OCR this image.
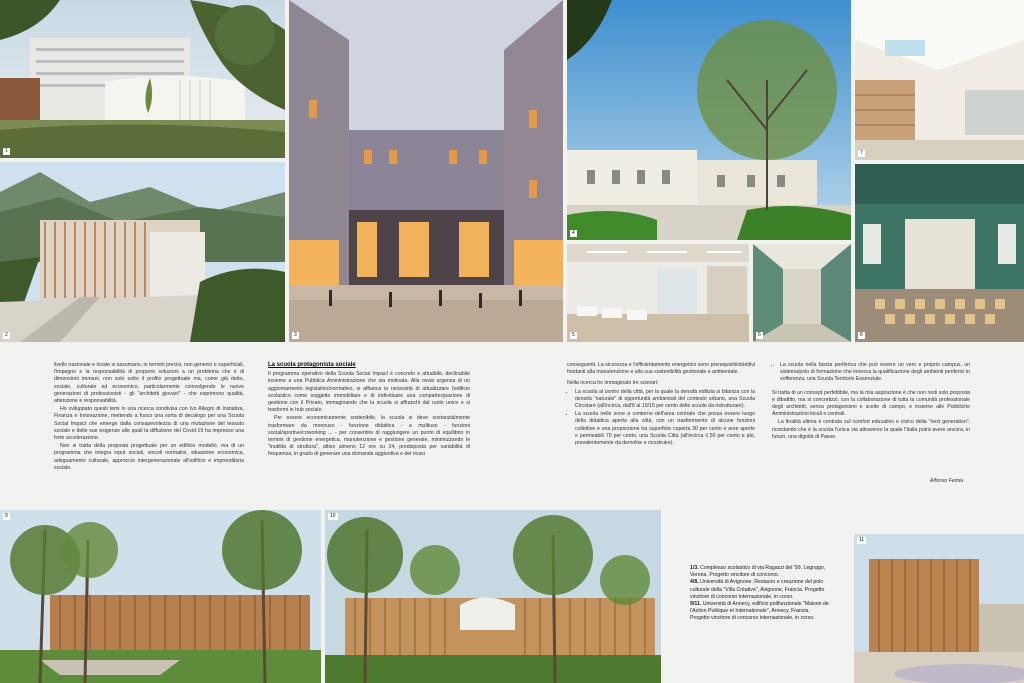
1
2	3
4
5	6
7
8

livello nazionale e locale si assumano, in termini precisi, non generici e superficiali, l'impegno e la responsabilità di proporre soluzioni a un problema che è di dimensioni immani, non solo sotto il profilo progettuale ma, come già detto, sociale, culturale ed economico, particolarmente coinvolgendo le nuove generazioni di professionisti - gli "architetti giovani" - che esprimono qualità, attenzione e responsabilità.

Ho sviluppato questi temi in una ricerca condivisa con Ivo Allegro di Iniziativa, Finanza e Innovazione, mettendo a fuoco una sorta di decalogo per una Scuola Social Impact che emerge dalla consapevolezza di una mutazione del tessuto sociale e delle sue esigenze alle quali la diffusione del Covid-19 ha impresso una forte accelerazione.

Non si tratta della proposta progettuale per un edificio modello, ma di un programma che integra input sociali, vincoli normativi, situazione economica, adeguamento culturale, approccio intergenerazionale all'edificio e imprenditoria sociale.

La scuola protagonista sociale

Il programma operativo della Scuola Social Impact è concreto e attuabile, declinabile insieme a una Pubblica Amministrazione che sia motivata. Alla ovvia urgenza di un aggiornamento legislativo/normativo, si affianca la necessità di attualizzare l'edificio scolastico come soggetto immobiliare e di individuare una compartecipazione di gestione con il Privato, immaginando che la scuola si affranchi dal ruolo unico e si trasformi in hub sociale.

Per essere economicamente sostenibile, la scuola si deve sostanzialmente trasformare da monouso - funzione didattica - a multiuso - funzioni social/sportive/coworking ... - per consentire di raggiungere un punto di equilibrio in termini di gestione energetica, manutenzione e gestione generale, minimizzando le "inutilità di struttura", attivo almeno 12 ore su 24, predisposta per variabilità di frequenza, in grado di generare una domanda aggiuntiva e dei ricavi

conseguenti. La sicurezza e l'efficientamento energetico sono prerequisiti/obiettivi fondanti alla manutenzione e alla sua sostenibilità gestionale e ambientale.

Nella ricerca ho immaginato tre scenari:

• La scuola al centro della città, per la quale la densità edilizia si bilancia con la densità "naturale" di opportunità ambientali del contesto urbano, una Scuola Circolare (all'incirca, dall'8 al 10/15 per cento delle scuole da ristrutturare).
• La scuola nelle zone a contorno dell'area centrale che possa essere luogo della didattica aperta alla città, con un trasferimento di alcune funzioni collettive e una proporzione tra superficie coperta 30 per cento e aree aperte e permeabili 70 per cento, una Scuola Città (all'incirca il 50 per cento e più, prevalentemente da demolire e ricostruire).
• La scuola nella fascia periferica che può essere un vero e proprio campus, un sistema/polo di formazione che innesca la qualificazione degli ambienti periferici in sofferenza, una Scuola Territorio Essenziale.

Si tratta di un concept perfettibile, ma la mia aspirazione è che non resti solo proposta e dibattito, ma si concretizzi, con la collaborazione di tutta la comunità professionale degli architetti, senza protagonismi e scelte di campo, e insieme alle Pubbliche Amministrazioni locali e centrali.

La finalità ultima è centrata sul comfort educativo e civico della "next generation", ricordando che è la scuola l'unica via attraverso la quale l'Italia potrà avere ancora, in futuro, una dignità di Paese.

Alfonso Femia
9	10
1/3. Complesso scolastico di via Ragazzi del '99, Legnago, Verona. Progetto vincitore di concorso.
4/8. Università di Avignone. Restauro e creazione del polo culturale della "Villa Créative", Avignone, Francia. Progetto vincitore di concorso internazionale, in corso.
9/11. Università di Annecy, edificio polifunzionale "Maison de l'Action Publique et Internationale", Annecy, Francia. Progetto vincitore di concorso internazionale, in corso.
11
